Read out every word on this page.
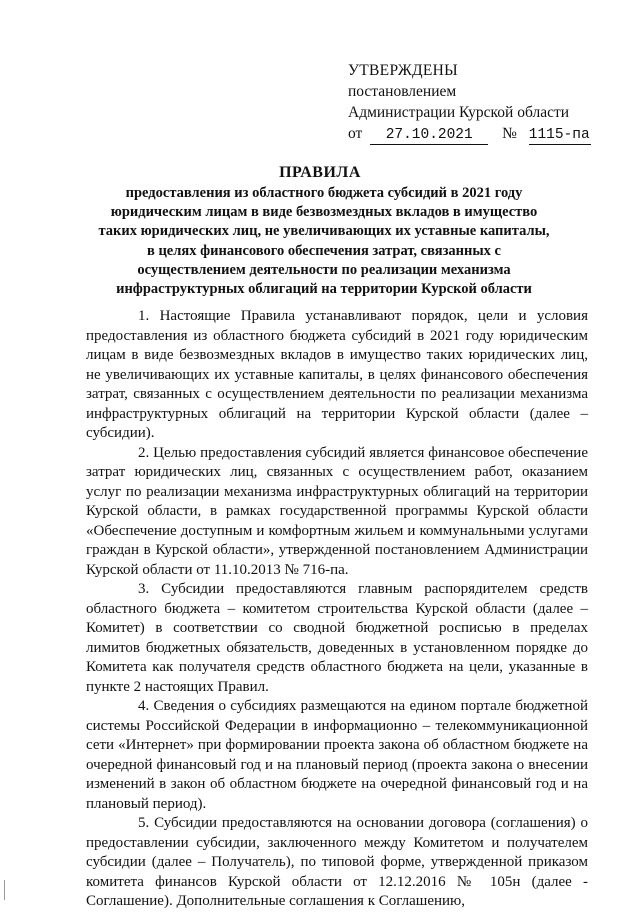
УТВЕРЖДЕНЫ
постановлением
Администрации Курской области
от 27.10.2021 № 1115-па
ПРАВИЛА
предоставления из областного бюджета субсидий в 2021 году юридическим лицам в виде безвозмездных вкладов в имущество таких юридических лиц, не увеличивающих их уставные капиталы, в целях финансового обеспечения затрат, связанных с осуществлением деятельности по реализации механизма инфраструктурных облигаций на территории Курской области

1. Настоящие Правила устанавливают порядок, цели и условия предоставления из областного бюджета субсидий в 2021 году юридическим лицам в виде безвозмездных вкладов в имущество таких юридических лиц, не увеличивающих их уставные капиталы, в целях финансового обеспечения затрат, связанных с осуществлением деятельности по реализации механизма инфраструктурных облигаций на территории Курской области (далее – субсидии).

2. Целью предоставления субсидий является финансовое обеспечение затрат юридических лиц, связанных с осуществлением работ, оказанием услуг по реализации механизма инфраструктурных облигаций на территории Курской области, в рамках государственной программы Курской области «Обеспечение доступным и комфортным жильем и коммунальными услугами граждан в Курской области», утвержденной постановлением Администрации Курской области от 11.10.2013 № 716-па.

3. Субсидии предоставляются главным распорядителем средств областного бюджета – комитетом строительства Курской области (далее – Комитет) в соответствии со сводной бюджетной росписью в пределах лимитов бюджетных обязательств, доведенных в установленном порядке до Комитета как получателя средств областного бюджета на цели, указанные в пункте 2 настоящих Правил.

4. Сведения о субсидиях размещаются на едином портале бюджетной системы Российской Федерации в информационно – телекоммуникационной сети «Интернет» при формировании проекта закона об областном бюджете на очередной финансовый год и на плановый период (проекта закона о внесении изменений в закон об областном бюджете на очередной финансовый год и на плановый период).

5. Субсидии предоставляются на основании договора (соглашения) о предоставлении субсидии, заключенного между Комитетом и получателем субсидии (далее – Получатель), по типовой форме, утвержденной приказом комитета финансов Курской области от 12.12.2016 № 105н (далее - Соглашение). Дополнительные соглашения к Соглашению,
